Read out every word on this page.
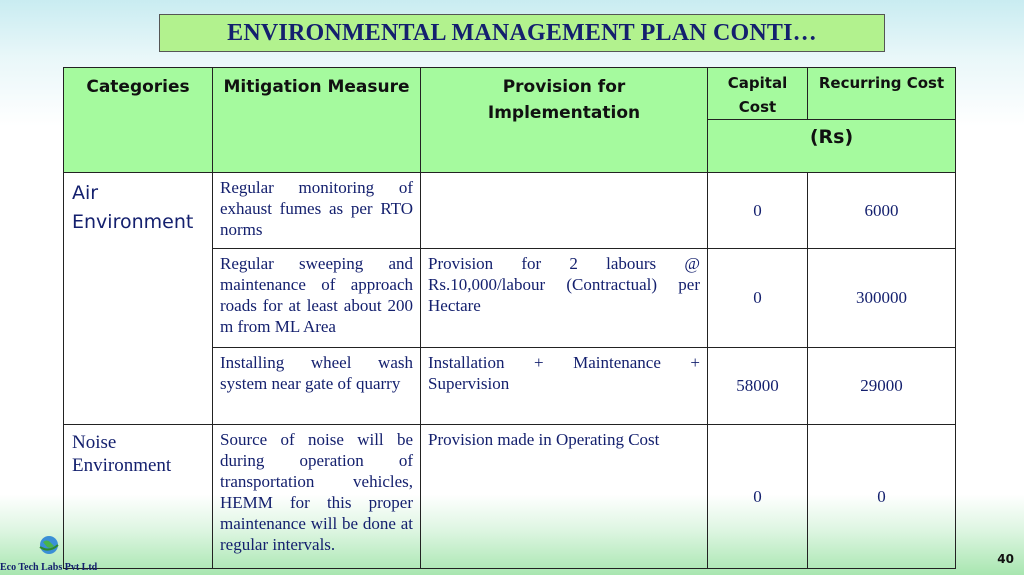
ENVIRONMENTAL MANAGEMENT PLAN CONTI…
Categories	Mitigation Measure	Provision for Implementation	Capital Cost	Recurring Cost
			(Rs)	
Air Environment	Regular monitoring of exhaust fumes as per RTO norms		0	6000
	Regular sweeping and maintenance of approach roads for at least about 200 m from ML Area	Provision for 2 labours @ Rs.10,000/labour (Contractual) per Hectare	0	300000
	Installing wheel wash system near gate of quarry	Installation + Maintenance + Supervision	58000	29000
Noise Environment	Source of noise will be during operation of transportation vehicles, HEMM for this proper maintenance will be done at regular intervals.	Provision made in Operating Cost	0	0
Eco Tech Labs Pvt Ltd
40
